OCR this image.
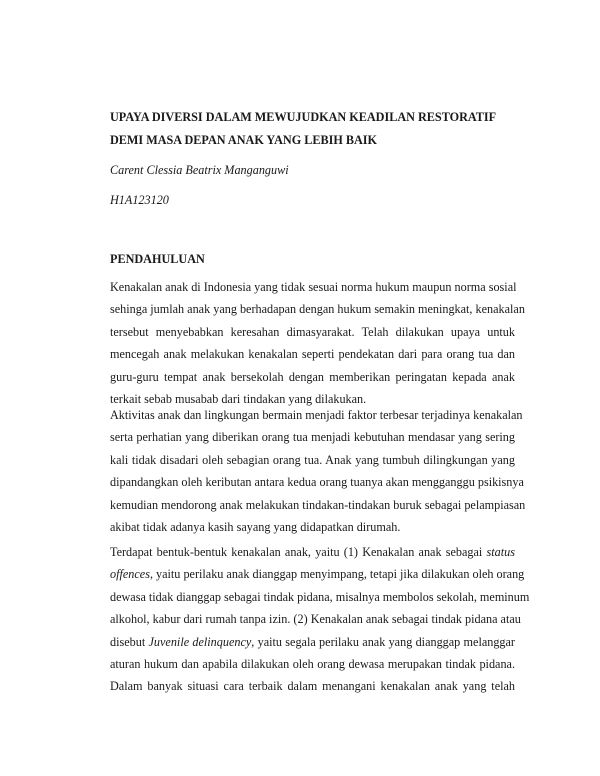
UPAYA DIVERSI DALAM MEWUJUDKAN KEADILAN RESTORATIF
DEMI MASA DEPAN ANAK YANG LEBIH BAIK

Carent Clessia Beatrix Manganguwi

H1A123120

PENDAHULUAN
Kenakalan anak di Indonesia yang tidak sesuai norma hukum maupun norma sosial
sehinga jumlah anak yang berhadapan dengan hukum semakin meningkat, kenakalan
tersebut menyebabkan keresahan dimasyarakat. Telah dilakukan upaya untuk
mencegah anak melakukan kenakalan seperti pendekatan dari para orang tua dan
guru-guru tempat anak bersekolah dengan memberikan peringatan kepada anak
terkait sebab musabab dari tindakan yang dilakukan.
Aktivitas anak dan lingkungan bermain menjadi faktor terbesar terjadinya kenakalan
serta perhatian yang diberikan orang tua menjadi kebutuhan mendasar yang sering
kali tidak disadari oleh sebagian orang tua. Anak yang tumbuh dilingkungan yang
dipandangkan oleh keributan antara kedua orang tuanya akan mengganggu psikisnya
kemudian mendorong anak melakukan tindakan-tindakan buruk sebagai pelampiasan
akibat tidak adanya kasih sayang yang didapatkan dirumah.
Terdapat bentuk-bentuk kenakalan anak, yaitu (1) Kenakalan anak sebagai status
offences, yaitu perilaku anak dianggap menyimpang, tetapi jika dilakukan oleh orang
dewasa tidak dianggap sebagai tindak pidana, misalnya membolos sekolah, meminum
alkohol, kabur dari rumah tanpa izin. (2) Kenakalan anak sebagai tindak pidana atau
disebut Juvenile delinquency, yaitu segala perilaku anak yang dianggap melanggar
aturan hukum dan apabila dilakukan oleh orang dewasa merupakan tindak pidana.
Dalam banyak situasi cara terbaik dalam menangani kenakalan anak yang telah
